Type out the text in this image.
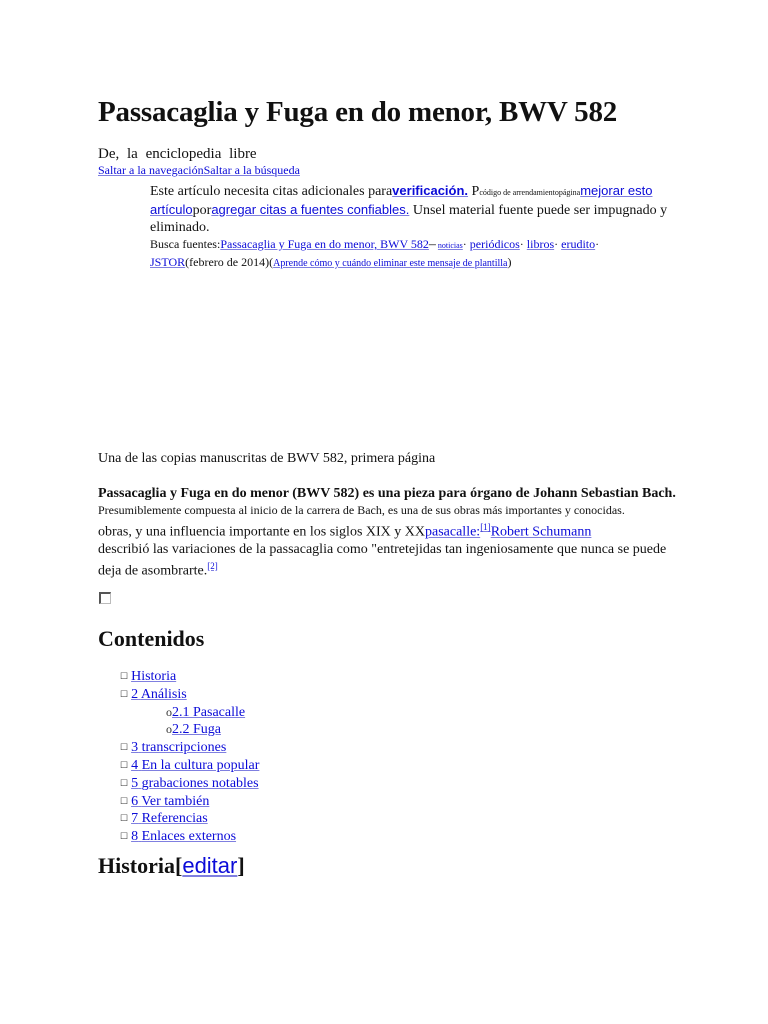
Passacaglia y Fuga en do menor, BWV 582
De, la enciclopedia libre
Saltar a la navegaciónSaltar a la búsqueda
Este artículo necesita citas adicionales paraverificación. Pcódigo de arrendamientopáginamejorar esto artículoporagregar citas a fuentes confiables. Unsel material fuente puede ser impugnado y eliminado.
Busca fuentes:Passacaglia y Fuga en do menor, BWV 582– noticias· periódicos· libros· erudito· JSTOR(febrero de 2014)(Aprende cómo y cuándo eliminar este mensaje de plantilla)
Una de las copias manuscritas de BWV 582, primera página
Passacaglia y Fuga en do menor (BWV 582) es una pieza para órgano de Johann Sebastian Bach.
Presumiblemente compuesta al inicio de la carrera de Bach, es una de sus obras más importantes y conocidas.
obras, y una influencia importante en los siglos XIX y XXpasacalle:[1]Robert Schumann
describió las variaciones de la passacaglia como "entretejidas tan ingeniosamente que nunca se puede deja de asombrarte.[2]
Contenidos
☐ Historia
☐ 2 Análisis
o2.1 Pasacalle
o2.2 Fuga
☐ 3 transcripciones
☐ 4 En la cultura popular
☐ 5 grabaciones notables
☐ 6 Ver también
☐ 7 Referencias
☐ 8 Enlaces externos
Historia[editar]
